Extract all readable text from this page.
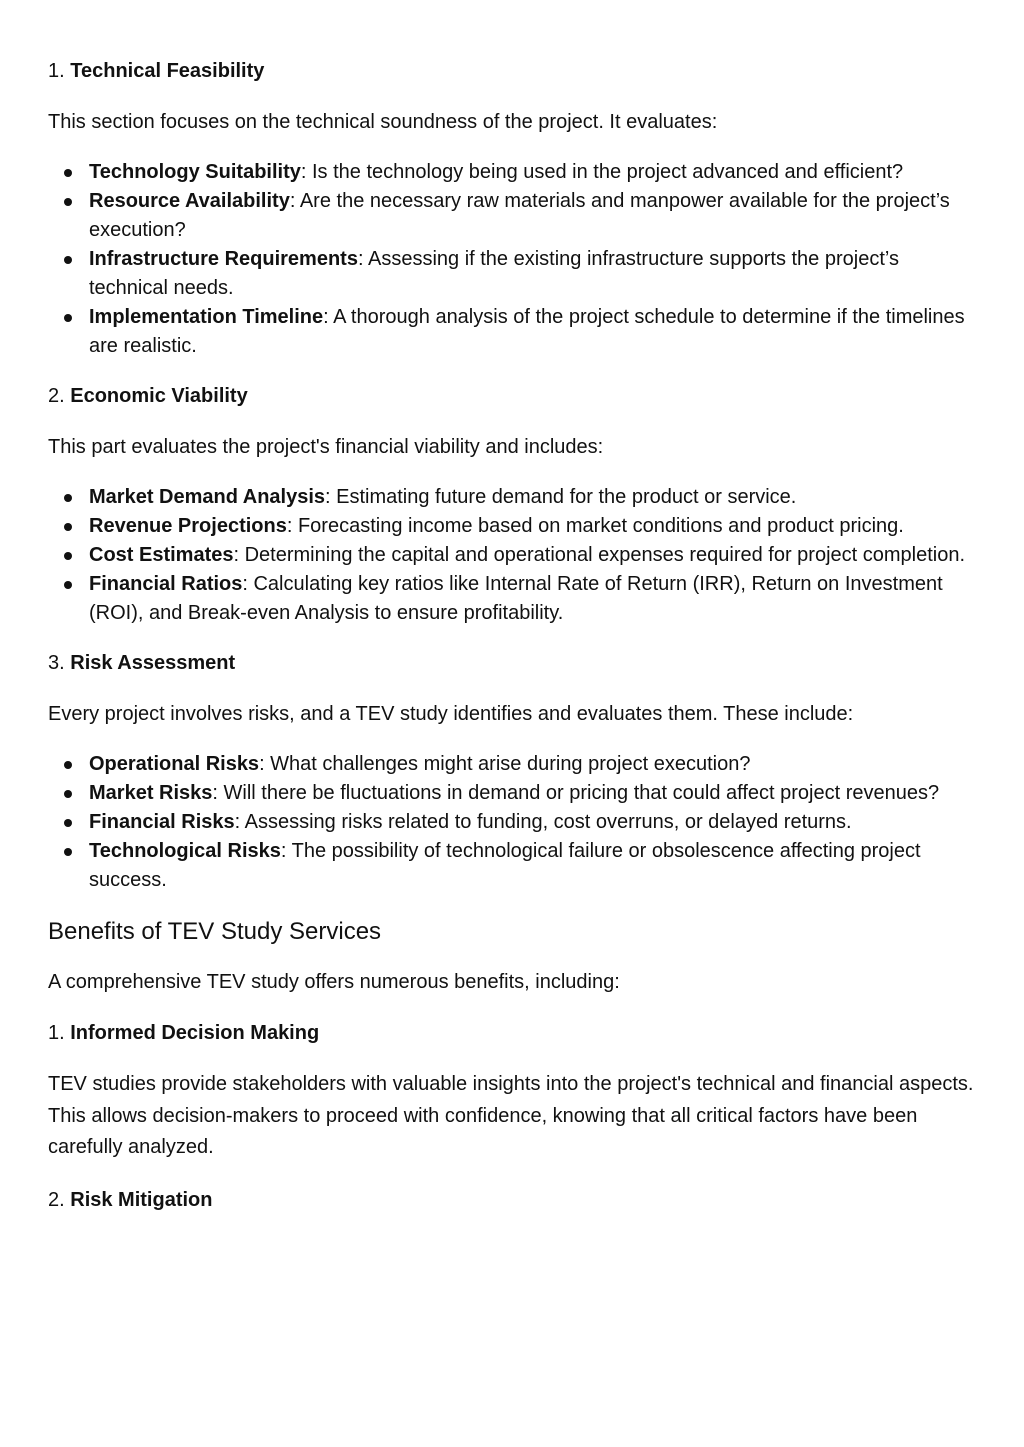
1. Technical Feasibility

This section focuses on the technical soundness of the project. It evaluates:

Technology Suitability: Is the technology being used in the project advanced and efficient?
Resource Availability: Are the necessary raw materials and manpower available for the project’s execution?
Infrastructure Requirements: Assessing if the existing infrastructure supports the project’s technical needs.
Implementation Timeline: A thorough analysis of the project schedule to determine if the timelines are realistic.
2. Economic Viability

This part evaluates the project's financial viability and includes:

Market Demand Analysis: Estimating future demand for the product or service.
Revenue Projections: Forecasting income based on market conditions and product pricing.
Cost Estimates: Determining the capital and operational expenses required for project completion.
Financial Ratios: Calculating key ratios like Internal Rate of Return (IRR), Return on Investment (ROI), and Break-even Analysis to ensure profitability.
3. Risk Assessment

Every project involves risks, and a TEV study identifies and evaluates them. These include:

Operational Risks: What challenges might arise during project execution?
Market Risks: Will there be fluctuations in demand or pricing that could affect project revenues?
Financial Risks: Assessing risks related to funding, cost overruns, or delayed returns.
Technological Risks: The possibility of technological failure or obsolescence affecting project success.
Benefits of TEV Study Services

A comprehensive TEV study offers numerous benefits, including:

1. Informed Decision Making

TEV studies provide stakeholders with valuable insights into the project's technical and financial aspects. This allows decision-makers to proceed with confidence, knowing that all critical factors have been carefully analyzed.

2. Risk Mitigation
